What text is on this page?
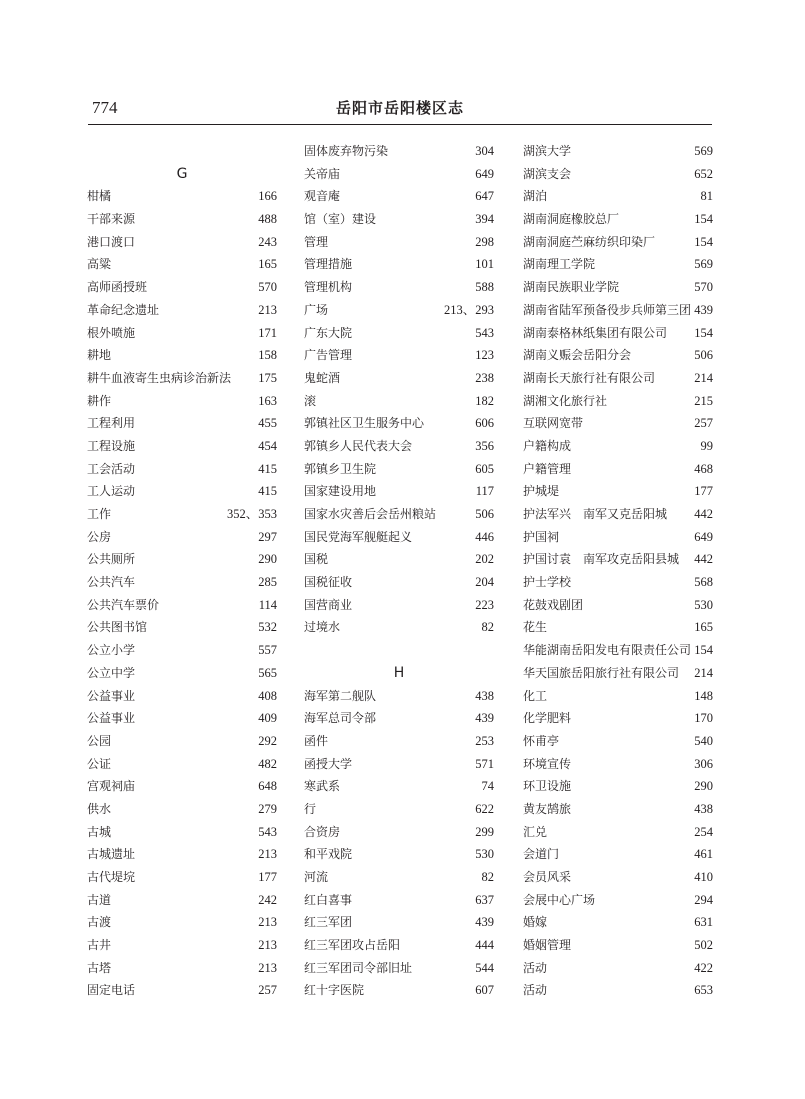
774	岳阳市岳阳楼区志
G
柑橘	166
干部来源	488
港口渡口	243
高粱	165
高师函授班	570
革命纪念遗址	213
根外喷施	171
耕地	158
耕牛血液寄生虫病诊治新法 175
耕作	163
工程利用	455
工程设施	454
工会活动	415
工人运动	415
工作	352、353
公房	297
公共厕所	290
公共汽车	285
公共汽车票价	114
公共图书馆	532
公立小学	557
公立中学	565
公益事业	408
公益事业	409
公园	292
公证	482
宫观祠庙	648
供水	279
古城	543
古城遗址	213
古代堤垸	177
古道	242
古渡	213
古井	213
古塔	213
固定电话	257
固体废弃物污染	304
关帝庙	649
观音庵	647
馆（室）建设	394
管理	298
管理措施	101
管理机构	588
广场	213、293
广东大院	543
广告管理	123
鬼蛇酒	238
滚	182
郭镇社区卫生服务中心	606
郭镇乡人民代表大会	356
郭镇乡卫生院	605
国家建设用地	117
国家水灾善后会岳州粮站	506
国民党海军舰艇起义	446
国税	202
国税征收	204
国营商业	223
过境水	82
H
海军第二舰队	438
海军总司令部	439
函件	253
函授大学	571
寒武系	74
行	622
合资房	299
和平戏院	530
河流	82
红白喜事	637
红三军团	439
红三军团攻占岳阳	444
红三军团司令部旧址	544
红十字医院	607
湖滨大学	569
湖滨支会	652
湖泊	81
湖南洞庭橡胶总厂	154
湖南洞庭苎麻纺织印染厂	154
湖南理工学院	569
湖南民族职业学院	570
湖南省陆军预备役步兵师第三团 439
湖南泰格林纸集团有限公司 154
湖南义赈会岳阳分会	506
湖南长天旅行社有限公司	214
湖湘文化旅行社	215
互联网宽带	257
户籍构成	99
户籍管理	468
护城堤	177
护法军兴　南军又克岳阳城 442
护国祠	649
护国讨袁　南军攻克岳阳县城 442
护士学校	568
花鼓戏剧团	530
花生	165
华能湖南岳阳发电有限责任公司 154
华天国旅岳阳旅行社有限公司 214
化工	148
化学肥料	170
怀甫亭	540
环境宣传	306
环卫设施	290
黄友鹄旅	438
汇兑	254
会道门	461
会员风采	410
会展中心广场	294
婚嫁	631
婚姻管理	502
活动	422
活动	653
